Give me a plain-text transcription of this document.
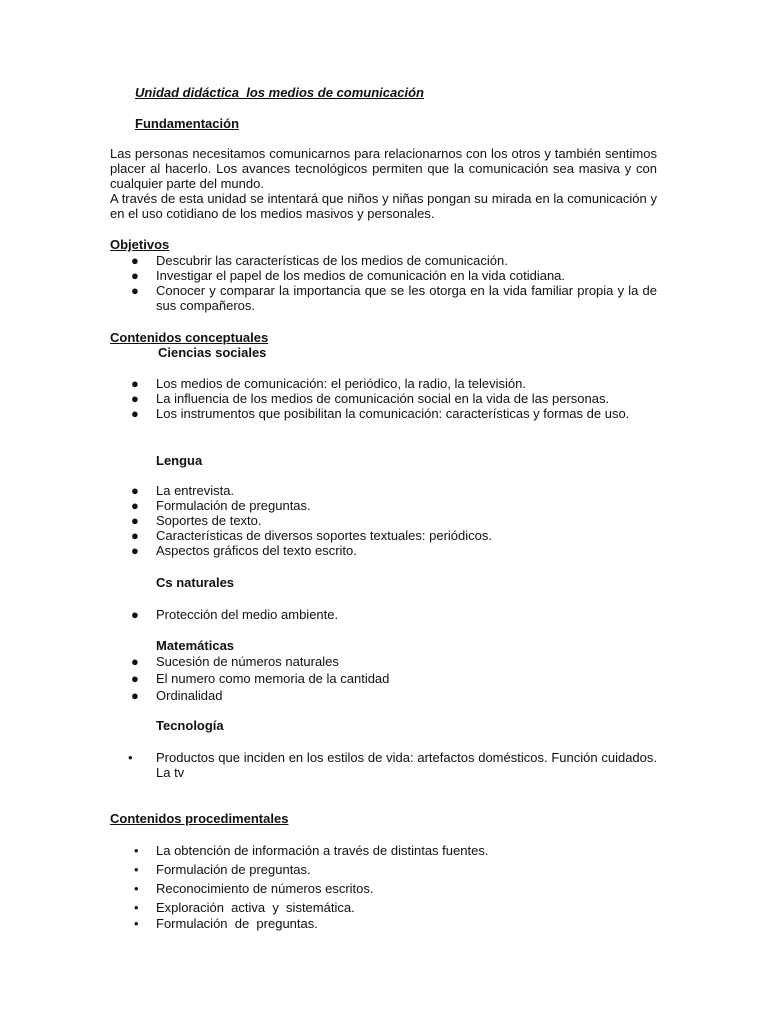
Unidad didáctica  los medios de comunicación
Fundamentación
Las personas necesitamos comunicarnos para relacionarnos con los otros y también sentimos placer al hacerlo. Los avances tecnológicos permiten que la comunicación sea masiva y con cualquier parte del mundo.
A través de esta unidad se intentará que niños y niñas pongan su mirada en la comunicación y en el uso cotidiano de los medios masivos y personales.
Objetivos
● Descubrir las características de los medios de comunicación.
● Investigar el papel de los medios de comunicación en la vida cotidiana.
● Conocer y comparar la importancia que se les otorga en la vida familiar propia y la de sus compañeros.
Contenidos conceptuales
Ciencias sociales
● Los medios de comunicación: el periódico, la radio, la televisión.
● La influencia de los medios de comunicación social en la vida de las personas.
● Los instrumentos que posibilitan la comunicación: características y formas de uso.
Lengua
● La entrevista.
● Formulación de preguntas.
● Soportes de texto.
● Características de diversos soportes textuales: periódicos.
● Aspectos gráficos del texto escrito.
Cs naturales
● Protección del medio ambiente.
Matemáticas
● Sucesión de números naturales
● El numero como memoria de la cantidad
● Ordinalidad
Tecnología
• Productos que inciden en los estilos de vida: artefactos domésticos. Función cuidados. La tv
Contenidos procedimentales
• La obtención de información a través de distintas fuentes.
• Formulación de preguntas.
• Reconocimiento de números escritos.
• Exploración  activa  y  sistemática.
• Formulación  de  preguntas.
